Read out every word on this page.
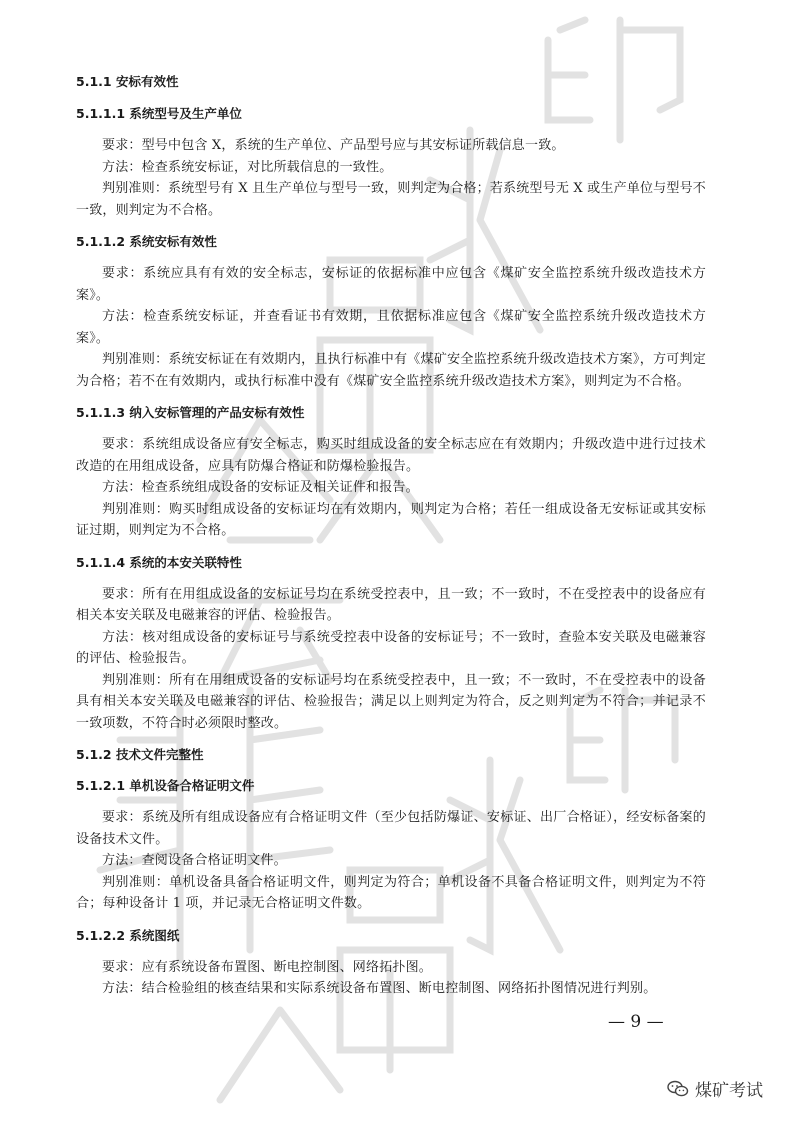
5.1.1 安标有效性
5.1.1.1 系统型号及生产单位

要求：型号中包含 X，系统的生产单位、产品型号应与其安标证所载信息一致。

方法：检查系统安标证，对比所载信息的一致性。

判别准则：系统型号有 X 且生产单位与型号一致，则判定为合格；若系统型号无 X 或生产单位与型号不一致，则判定为不合格。

5.1.1.2 系统安标有效性

要求：系统应具有有效的安全标志，安标证的依据标准中应包含《煤矿安全监控系统升级改造技术方案》。

方法：检查系统安标证，并查看证书有效期，且依据标准应包含《煤矿安全监控系统升级改造技术方案》。

判别准则：系统安标证在有效期内，且执行标准中有《煤矿安全监控系统升级改造技术方案》，方可判定为合格；若不在有效期内，或执行标准中没有《煤矿安全监控系统升级改造技术方案》，则判定为不合格。

5.1.1.3 纳入安标管理的产品安标有效性

要求：系统组成设备应有安全标志，购买时组成设备的安全标志应在有效期内；升级改造中进行过技术改造的在用组成设备，应具有防爆合格证和防爆检验报告。

方法：检查系统组成设备的安标证及相关证件和报告。

判别准则：购买时组成设备的安标证均在有效期内，则判定为合格；若任一组成设备无安标证或其安标证过期，则判定为不合格。

5.1.1.4 系统的本安关联特性

要求：所有在用组成设备的安标证号均在系统受控表中，且一致；不一致时，不在受控表中的设备应有相关本安关联及电磁兼容的评估、检验报告。

方法：核对组成设备的安标证号与系统受控表中设备的安标证号；不一致时，查验本安关联及电磁兼容的评估、检验报告。

判别准则：所有在用组成设备的安标证号均在系统受控表中，且一致；不一致时，不在受控表中的设备具有相关本安关联及电磁兼容的评估、检验报告；满足以上则判定为符合，反之则判定为不符合；并记录不一致项数，不符合时必须限时整改。

5.1.2 技术文件完整性
5.1.2.1 单机设备合格证明文件

要求：系统及所有组成设备应有合格证明文件（至少包括防爆证、安标证、出厂合格证），经安标备案的设备技术文件。

方法：查阅设备合格证明文件。

判别准则：单机设备具备合格证明文件，则判定为符合；单机设备不具备合格证明文件，则判定为不符合；每种设备计 1 项，并记录无合格证明文件数。

5.1.2.2 系统图纸

要求：应有系统设备布置图、断电控制图、网络拓扑图。

方法：结合检验组的核查结果和实际系统设备布置图、断电控制图、网络拓扑图情况进行判别。

— 9 —
煤矿考试
